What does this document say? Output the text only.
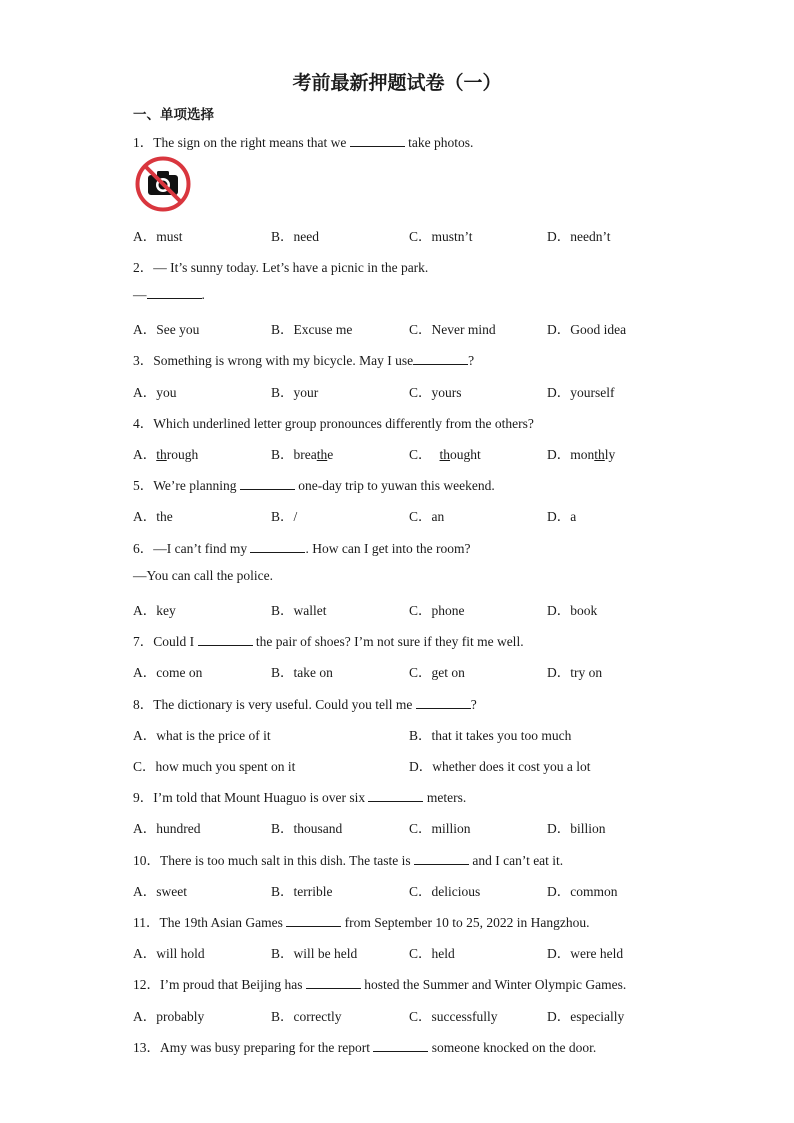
考前最新押题试卷（一）
一、单项选择
1．The sign on the right means that we	take photos.
A．must	B．need	C．mustn’t	D．needn’t
2．— It’s sunny today. Let’s have a picnic in the park.
—	.
A．See you	B．Excuse me	C．Never mind	D．Good idea
3．Something is wrong with my bicycle. May I use	?
A．you	B．your	C．yours	D．yourself
4．Which underlined letter group pronounces differently from the others?
A．through	B．breathe	C． thought	D．monthly
5．We’re planning	one-day trip to yuwan this weekend.
A．the	B．/	C．an	D．a
6．—I can’t find my	. How can I get into the room?
—You can call the police.
A．key	B．wallet	C．phone	D．book
7．Could I	the pair of shoes? I’m not sure if they fit me well.
A．come on	B．take on	C．get on	D．try on
8．The dictionary is very useful. Could you tell me	?
A．what is the price of it	B．that it takes you too much
C．how much you spent on it	D．whether does it cost you a lot
9．I’m told that Mount Huaguo is over six	meters.
A．hundred	B．thousand	C．million	D．billion
10．There is too much salt in this dish. The taste is	and I can’t eat it.
A．sweet	B．terrible	C．delicious	D．common
11．The 19th Asian Games	from September 10 to 25, 2022 in Hangzhou.
A．will hold	B．will be held	C．held	D．were held
12．I’m proud that Beijing has	hosted the Summer and Winter Olympic Games.
A．probably	B．correctly	C．successfully	D．especially
13．Amy was busy preparing for the report	someone knocked on the door.
